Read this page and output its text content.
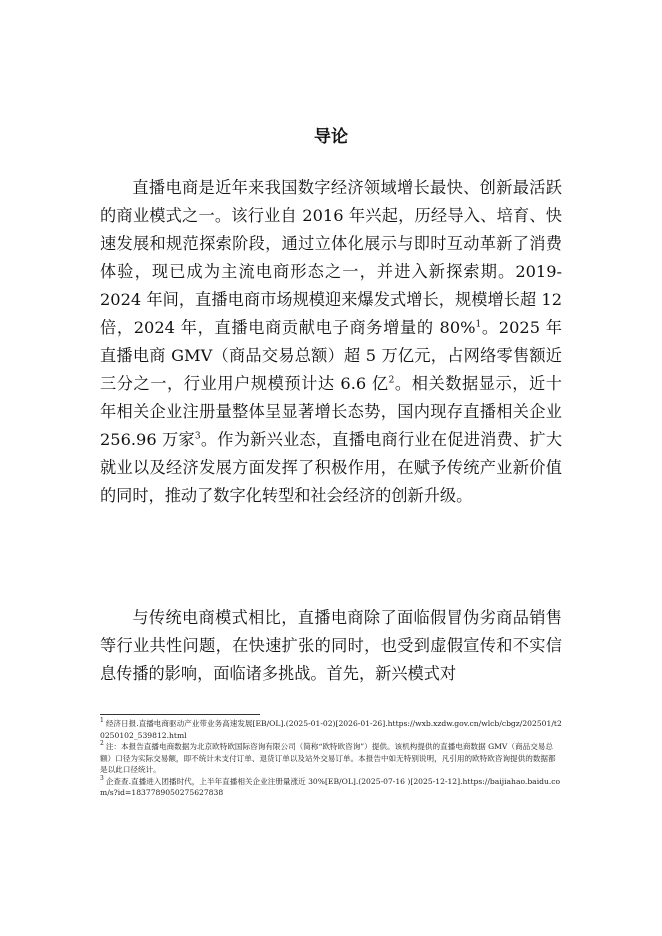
导论

直播电商是近年来我国数字经济领域增长最快、创新最活跃的商业模式之一。该行业自 2016 年兴起，历经导入、培育、快速发展和规范探索阶段，通过立体化展示与即时互动革新了消费体验，现已成为主流电商形态之一，并进入新探索期。2019-2024 年间，直播电商市场规模迎来爆发式增长，规模增长超 12 倍，2024 年，直播电商贡献电子商务增量的 80%$^1$。2025 年直播电商 GMV（商品交易总额）超 5 万亿元，占网络零售额近三分之一，行业用户规模预计达 6.6 亿$^2$。相关数据显示，近十年相关企业注册量整体呈显著增长态势，国内现存直播相关企业 256.96 万家$^3$。作为新兴业态，直播电商行业在促进消费、扩大就业以及经济发展方面发挥了积极作用，在赋予传统产业新价值的同时，推动了数字化转型和社会经济的创新升级。

与传统电商模式相比，直播电商除了面临假冒伪劣商品销售等行业共性问题，在快速扩张的同时，也受到虚假宣传和不实信息传播的影响，面临诸多挑战。首先，新兴模式对

$^1$ 经济日报.直播电商驱动产业带业务高速发展[EB/OL].(2025-01-02)[2026-01-26].https://wxb.xzdw.gov.cn/wlcb/cbgz/202501/t20250102_539812.html
$^2$ 注：本报告直播电商数据为北京欧特欧国际咨询有限公司（简称“欧特欧咨询”）提供。该机构提供的直播电商数据 GMV（商品交易总额）口径为实际交易额，即不统计未支付订单、退货订单以及站外交易订单。本报告中如无特别说明，凡引用的欧特欧咨询提供的数据都是以此口径统计。
$^3$ 企查查.直播进入团播时代，上半年直播相关企业注册量涨近 30%[EB/OL].(2025-07-16 )[2025-12-12].https://baijiahao.baidu.com/s?id=1837789050275627838
